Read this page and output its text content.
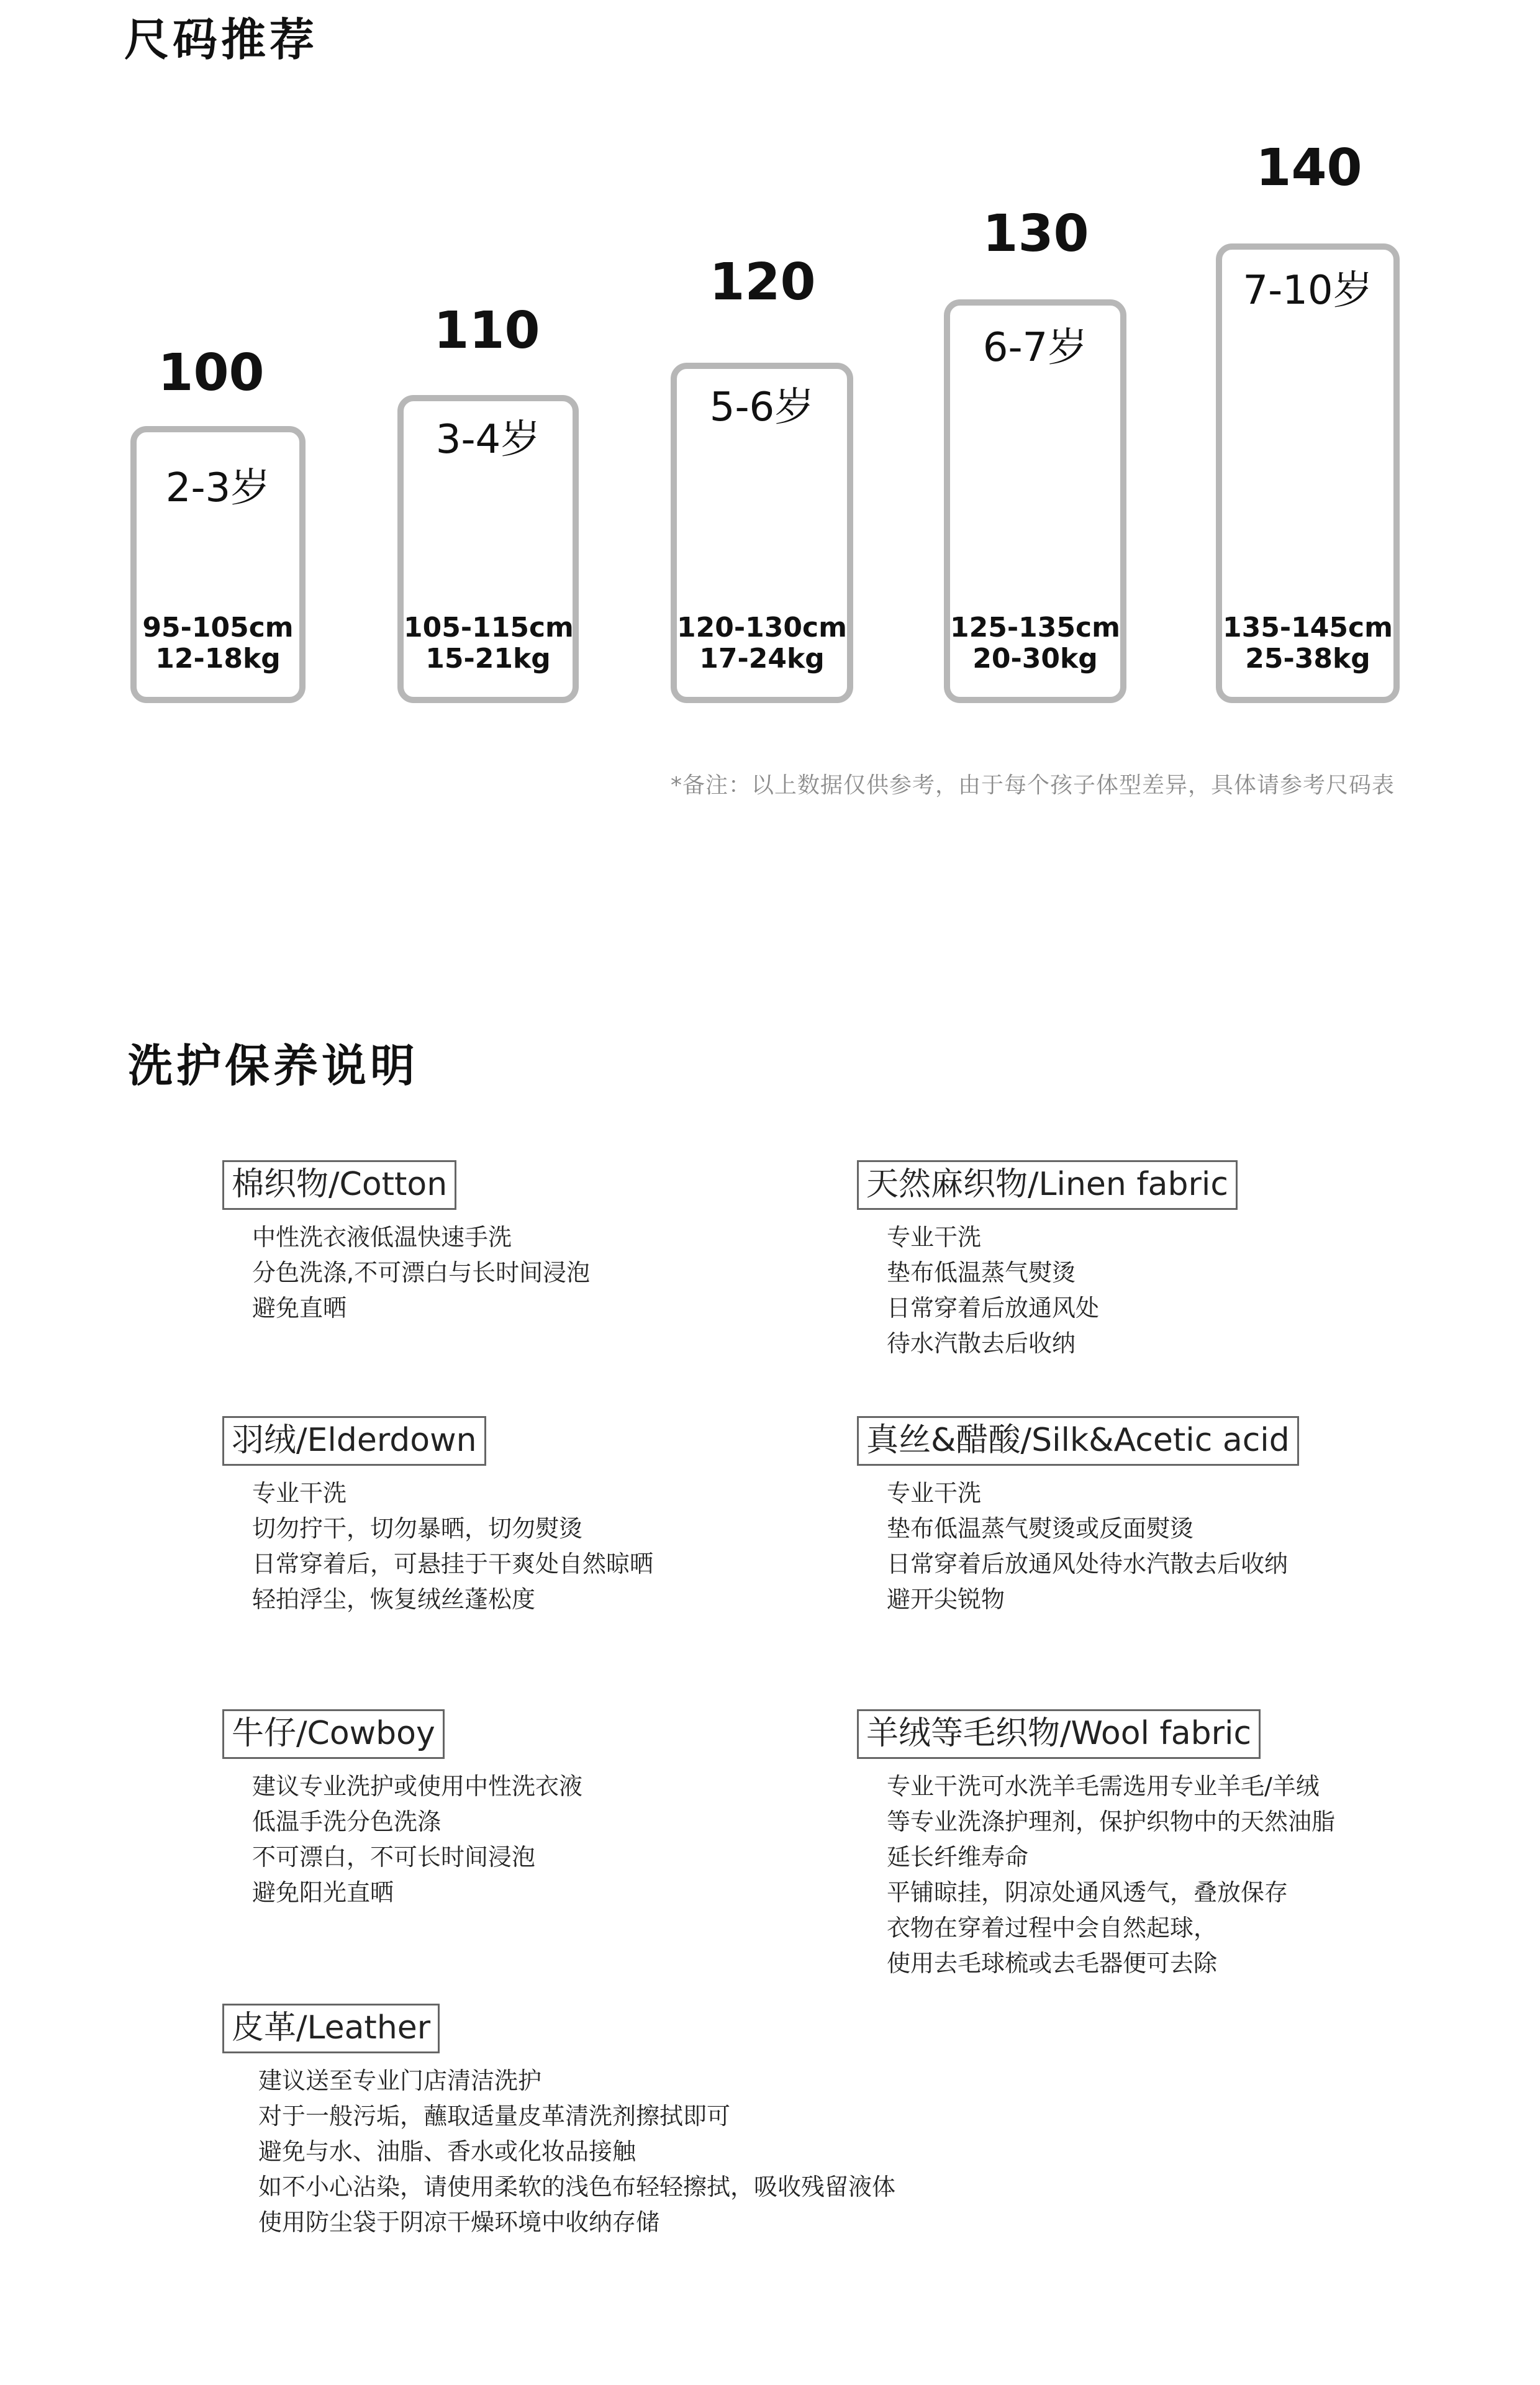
尺码推荐
100
2-3岁
95-105cm
12-18kg
110
3-4岁
105-115cm
15-21kg
120
5-6岁
120-130cm
17-24kg
130
6-7岁
125-135cm
20-30kg
140
7-10岁
135-145cm
25-38kg
*备注：以上数据仅供参考，由于每个孩子体型差异，具体请参考尺码表
洗护保养说明
棉织物/Cotton
中性洗衣液低温快速手洗
分色洗涤,不可漂白与长时间浸泡
避免直晒
天然麻织物/Linen fabric
专业干洗
垫布低温蒸气熨烫
日常穿着后放通风处
待水汽散去后收纳
羽绒/Elderdown
专业干洗
切勿拧干，切勿暴晒，切勿熨烫
日常穿着后，可悬挂于干爽处自然晾晒
轻拍浮尘，恢复绒丝蓬松度
真丝&醋酸/Silk&Acetic acid
专业干洗
垫布低温蒸气熨烫或反面熨烫
日常穿着后放通风处待水汽散去后收纳
避开尖锐物
牛仔/Cowboy
建议专业洗护或使用中性洗衣液
低温手洗分色洗涤
不可漂白，不可长时间浸泡
避免阳光直晒
羊绒等毛织物/Wool fabric
专业干洗可水洗羊毛需选用专业羊毛/羊绒
等专业洗涤护理剂，保护织物中的天然油脂
延长纤维寿命
平铺晾挂，阴凉处通风透气，叠放保存
衣物在穿着过程中会自然起球，
使用去毛球梳或去毛器便可去除
皮革/Leather
建议送至专业门店清洁洗护
对于一般污垢，蘸取适量皮革清洗剂擦拭即可
避免与水、油脂、香水或化妆品接触
如不小心沾染，请使用柔软的浅色布轻轻擦拭，吸收残留液体
使用防尘袋于阴凉干燥环境中收纳存储
